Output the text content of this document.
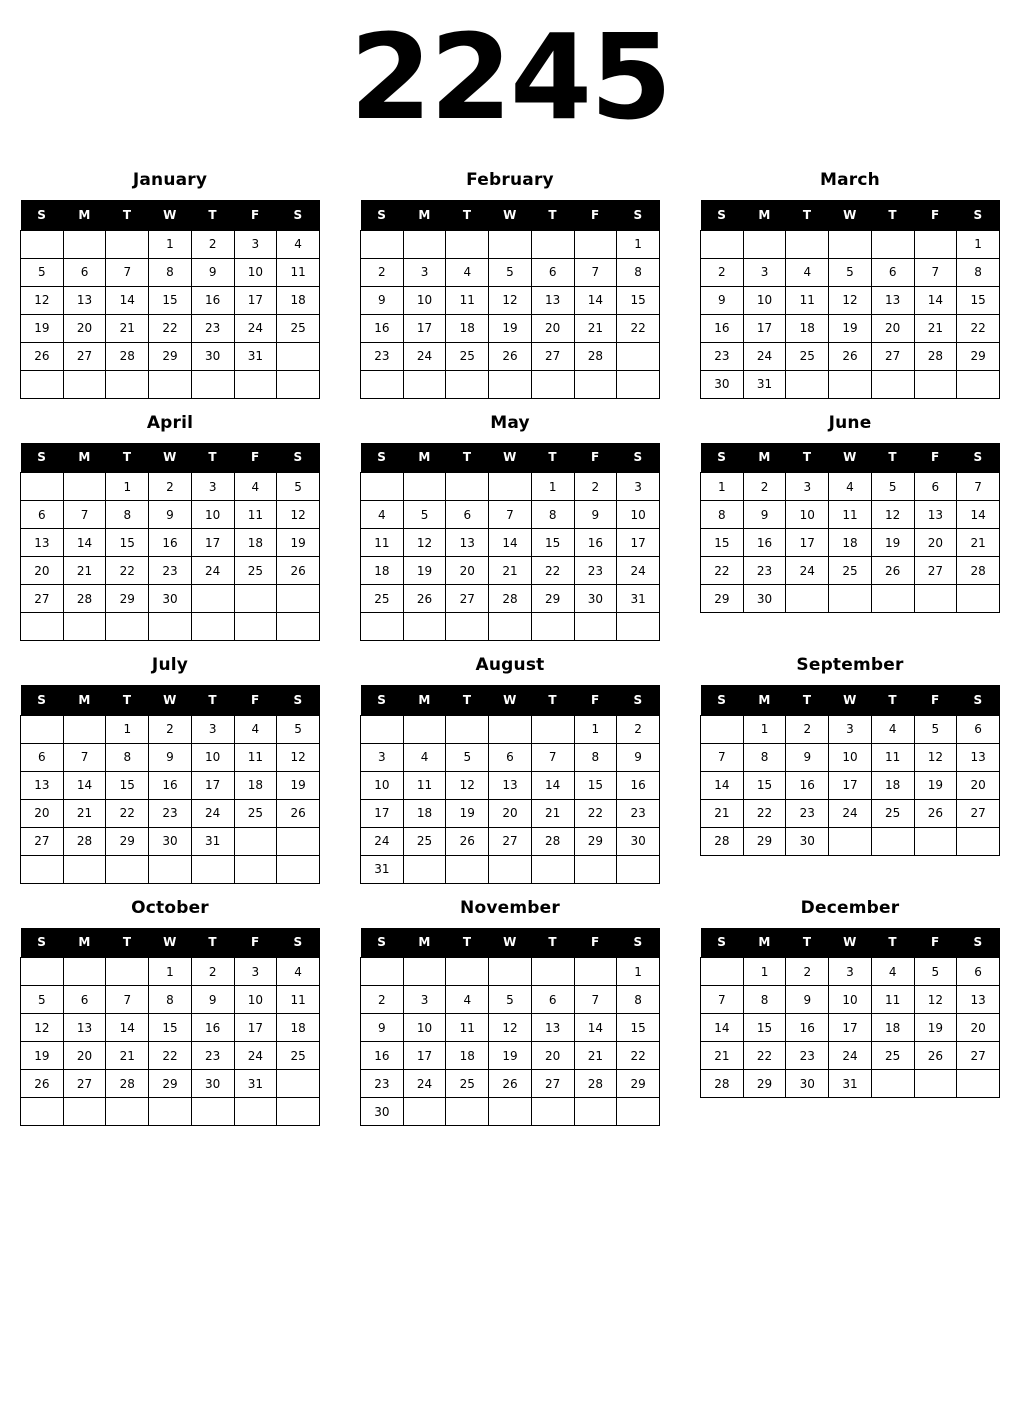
2245
January
S	M	T	W	T	F	S
			1	2	3	4
5	6	7	8	9	10	11
12	13	14	15	16	17	18
19	20	21	22	23	24	25
26	27	28	29	30	31	

February
S	M	T	W	T	F	S
						1
2	3	4	5	6	7	8
9	10	11	12	13	14	15
16	17	18	19	20	21	22
23	24	25	26	27	28	

March
S	M	T	W	T	F	S
						1
2	3	4	5	6	7	8
9	10	11	12	13	14	15
16	17	18	19	20	21	22
23	24	25	26	27	28	29
30	31					
April
S	M	T	W	T	F	S
		1	2	3	4	5
6	7	8	9	10	11	12
13	14	15	16	17	18	19
20	21	22	23	24	25	26
27	28	29	30			

May
S	M	T	W	T	F	S
				1	2	3
4	5	6	7	8	9	10
11	12	13	14	15	16	17
18	19	20	21	22	23	24
25	26	27	28	29	30	31

June
S	M	T	W	T	F	S
1	2	3	4	5	6	7
8	9	10	11	12	13	14
15	16	17	18	19	20	21
22	23	24	25	26	27	28
29	30					
July
S	M	T	W	T	F	S
		1	2	3	4	5
6	7	8	9	10	11	12
13	14	15	16	17	18	19
20	21	22	23	24	25	26
27	28	29	30	31		

August
S	M	T	W	T	F	S
					1	2
3	4	5	6	7	8	9
10	11	12	13	14	15	16
17	18	19	20	21	22	23
24	25	26	27	28	29	30
31						
September
S	M	T	W	T	F	S
	1	2	3	4	5	6
7	8	9	10	11	12	13
14	15	16	17	18	19	20
21	22	23	24	25	26	27
28	29	30				
October
S	M	T	W	T	F	S
			1	2	3	4
5	6	7	8	9	10	11
12	13	14	15	16	17	18
19	20	21	22	23	24	25
26	27	28	29	30	31	

November
S	M	T	W	T	F	S
						1
2	3	4	5	6	7	8
9	10	11	12	13	14	15
16	17	18	19	20	21	22
23	24	25	26	27	28	29
30						
December
S	M	T	W	T	F	S
	1	2	3	4	5	6
7	8	9	10	11	12	13
14	15	16	17	18	19	20
21	22	23	24	25	26	27
28	29	30	31			
